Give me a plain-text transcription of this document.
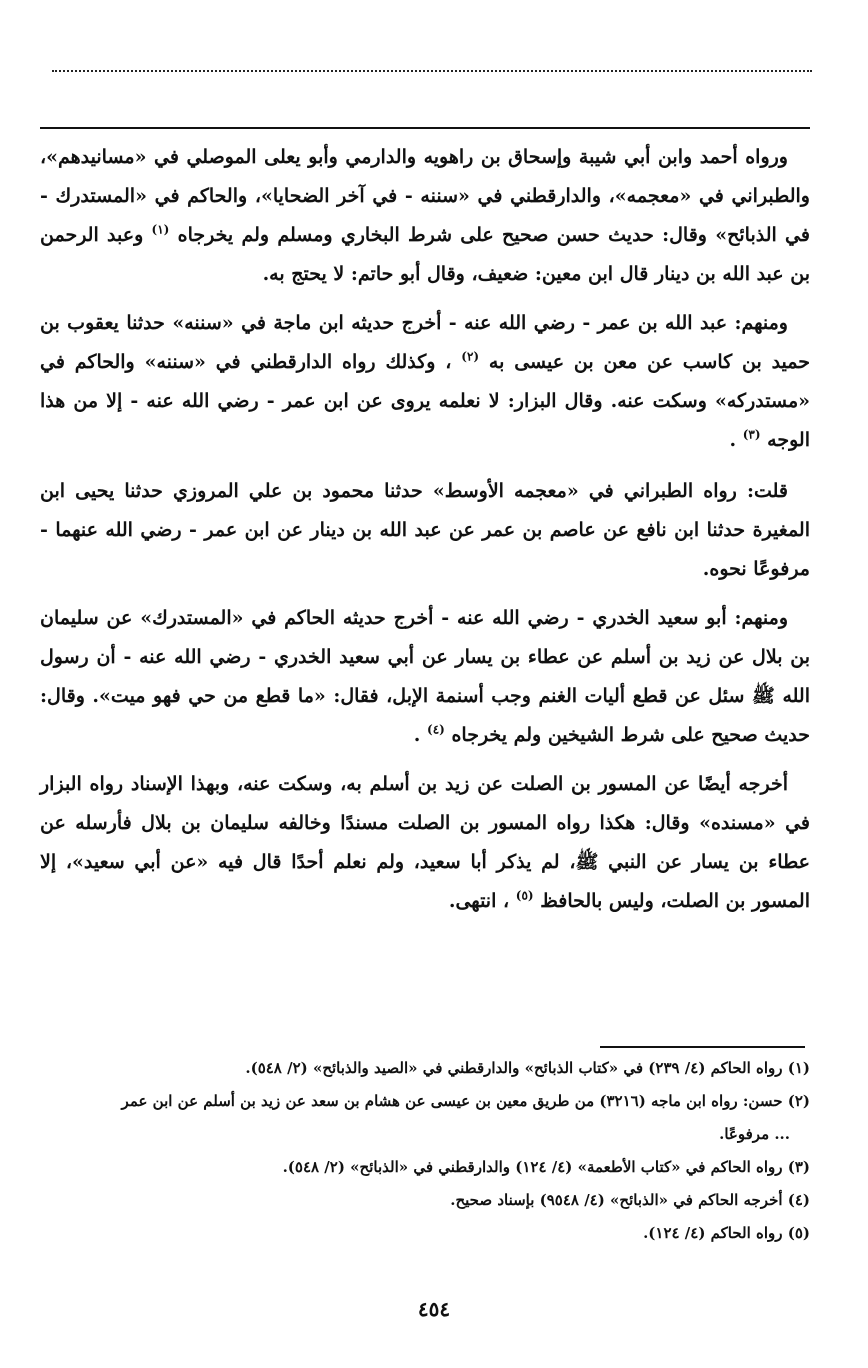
ورواه أحمد وابن أبي شيبة وإسحاق بن راهويه والدارمي وأبو يعلى الموصلي في «مسانيدهم»، والطبراني في «معجمه»، والدارقطني في «سننه - في آخر الضحايا»، والحاكم في «المستدرك - في الذبائح» وقال: حديث حسن صحيح على شرط البخاري ومسلم ولم يخرجاه $^{(١)}$ وعبد الرحمن بن عبد الله بن دينار قال ابن معين: ضعيف، وقال أبو حاتم: لا يحتج به.

ومنهم: عبد الله بن عمر - رضي الله عنه - أخرج حديثه ابن ماجة في «سننه» حدثنا يعقوب بن حميد بن كاسب عن معن بن عيسى به $^{(٢)}$ ، وكذلك رواه الدارقطني في «سننه» والحاكم في «مستدركه» وسكت عنه. وقال البزار: لا نعلمه يروى عن ابن عمر - رضي الله عنه - إلا من هذا الوجه $^{(٣)}$ .

قلت: رواه الطبراني في «معجمه الأوسط» حدثنا محمود بن علي المروزي حدثنا يحيى ابن المغيرة حدثنا ابن نافع عن عاصم بن عمر عن عبد الله بن دينار عن ابن عمر - رضي الله عنهما - مرفوعًا نحوه.

ومنهم: أبو سعيد الخدري - رضي الله عنه - أخرج حديثه الحاكم في «المستدرك» عن سليمان بن بلال عن زيد بن أسلم عن عطاء بن يسار عن أبي سعيد الخدري - رضي الله عنه - أن رسول الله ﷺ سئل عن قطع أليات الغنم وجب أسنمة الإبل، فقال: «ما قطع من حي فهو ميت». وقال: حديث صحيح على شرط الشيخين ولم يخرجاه $^{(٤)}$ .

أخرجه أيضًا عن المسور بن الصلت عن زيد بن أسلم به، وسكت عنه، وبهذا الإسناد رواه البزار في «مسنده» وقال: هكذا رواه المسور بن الصلت مسندًا وخالفه سليمان بن بلال فأرسله عن عطاء بن يسار عن النبي ﷺ، لم يذكر أبا سعيد، ولم نعلم أحدًا قال فيه «عن أبي سعيد»، إلا المسور بن الصلت، وليس بالحافظ $^{(٥)}$ ، انتهى.

(١) رواه الحاكم (٤/ ٢٣٩) في «كتاب الذبائح» والدارقطني في «الصيد والذبائح» (٢/ ٥٤٨).

(٢) حسن: رواه ابن ماجه (٣٢١٦) من طريق معين بن عيسى عن هشام بن سعد عن زيد بن أسلم عن ابن عمر

... مرفوعًا.

(٣) رواه الحاكم في «كتاب الأطعمة» (٤/ ١٢٤) والدارقطني في «الذبائح» (٢/ ٥٤٨).

(٤) أخرجه الحاكم في «الذبائح» (٤/ ٩٥٤٨) بإسناد صحيح.

(٥) رواه الحاكم (٤/ ١٢٤).

٤٥٤
